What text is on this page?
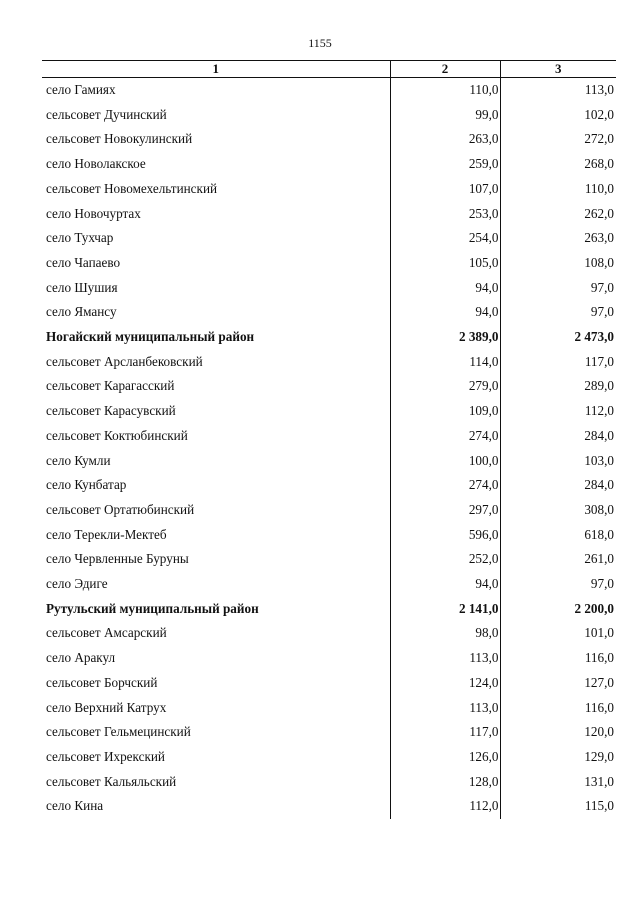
1155
1	2	3
село Гамиях	110,0	113,0
сельсовет Дучинский	99,0	102,0
сельсовет Новокулинский	263,0	272,0
село Новолакское	259,0	268,0
сельсовет Новомехельтинский	107,0	110,0
село Новочуртах	253,0	262,0
село Тухчар	254,0	263,0
село Чапаево	105,0	108,0
село Шушия	94,0	97,0
село Ямансу	94,0	97,0
Ногайский муниципальный район	2 389,0	2 473,0
сельсовет Арсланбековский	114,0	117,0
сельсовет Карагасский	279,0	289,0
сельсовет Карасувский	109,0	112,0
сельсовет Коктюбинский	274,0	284,0
село Кумли	100,0	103,0
село Кунбатар	274,0	284,0
сельсовет Ортатюбинский	297,0	308,0
село Терекли-Мектеб	596,0	618,0
село Червленные Буруны	252,0	261,0
село Эдиге	94,0	97,0
Рутульский муниципальный район	2 141,0	2 200,0
сельсовет Амсарский	98,0	101,0
село Аракул	113,0	116,0
сельсовет Борчский	124,0	127,0
село Верхний Катрух	113,0	116,0
сельсовет Гельмецинский	117,0	120,0
сельсовет Ихрекский	126,0	129,0
сельсовет Кальяльский	128,0	131,0
село Кина	112,0	115,0
